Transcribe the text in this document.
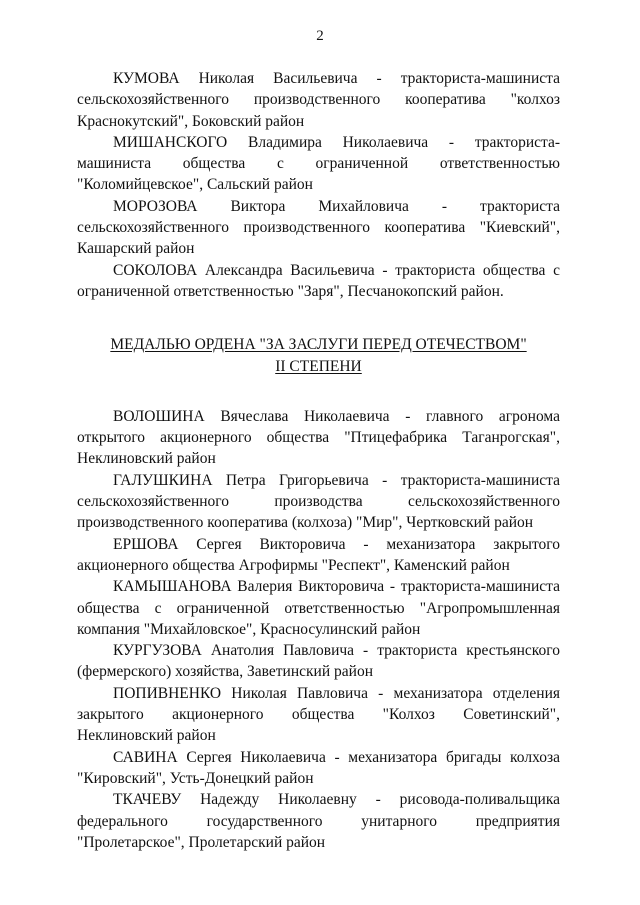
2

КУМОВА Николая Васильевича - тракториста-машиниста сельскохозяйственного производственного кооператива "колхоз Краснокутский", Боковский район

МИШАНСКОГО Владимира Николаевича - тракториста-машиниста общества с ограниченной ответственностью "Коломийцевское", Сальский район

МОРОЗОВА Виктора Михайловича - тракториста сельскохозяйственного производственного кооператива "Киевский", Кашарский район

СОКОЛОВА Александра Васильевича - тракториста общества с ограниченной ответственностью "Заря", Песчанокопский район.

МЕДАЛЬЮ ОРДЕНА "ЗА ЗАСЛУГИ ПЕРЕД ОТЕЧЕСТВОМ"
II СТЕПЕНИ

ВОЛОШИНА Вячеслава Николаевича - главного агронома открытого акционерного общества "Птицефабрика Таганрогская", Неклиновский район

ГАЛУШКИНА Петра Григорьевича - тракториста-машиниста сельскохозяйственного производства сельскохозяйственного производственного кооператива (колхоза) "Мир", Чертковский район

ЕРШОВА Сергея Викторовича - механизатора закрытого акционерного общества Агрофирмы "Респект", Каменский район

КАМЫШАНОВА Валерия Викторовича - тракториста-машиниста общества с ограниченной ответственностью "Агропромышленная компания "Михайловское", Красносулинский район

КУРГУЗОВА Анатолия Павловича - тракториста крестьянского (фермерского) хозяйства, Заветинский район

ПОПИВНЕНКО Николая Павловича - механизатора отделения закрытого акционерного общества "Колхоз Советинский", Неклиновский район

САВИНА Сергея Николаевича - механизатора бригады колхоза "Кировский", Усть-Донецкий район

ТКАЧЕВУ Надежду Николаевну - рисовода-поливальщика федерального государственного унитарного предприятия "Пролетарское", Пролетарский район
